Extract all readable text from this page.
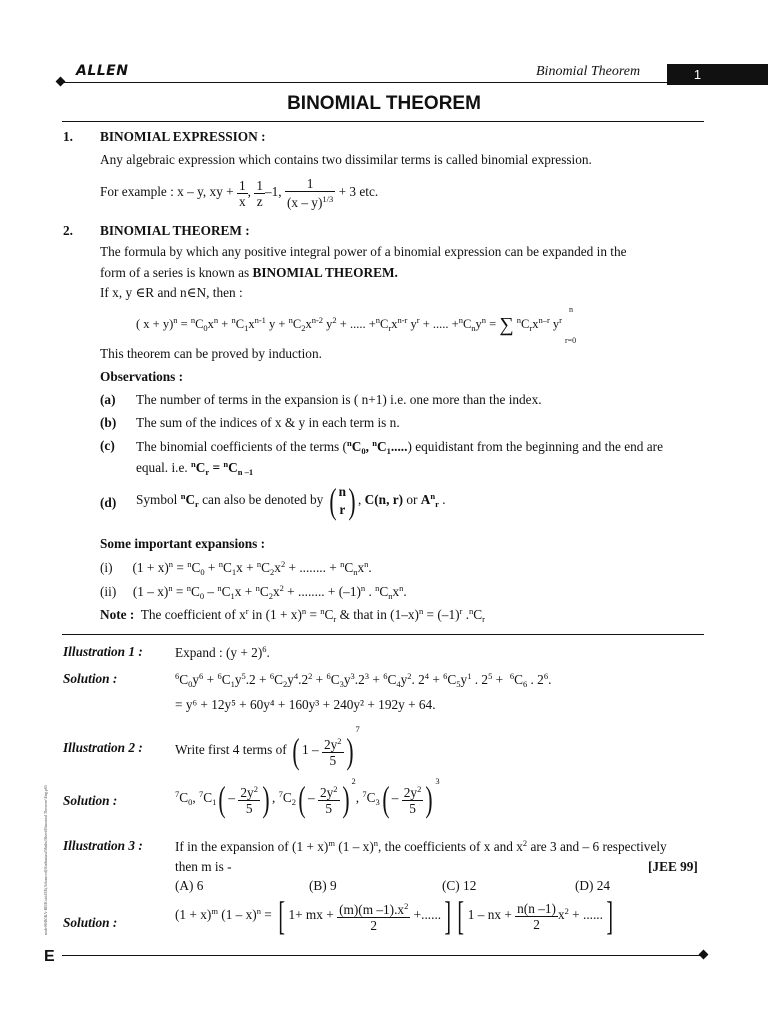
ALLEN	Binomial Theorem	1
BINOMIAL THEOREM
1. BINOMIAL EXPRESSION :
Any algebraic expression which contains two dissimilar terms is called binomial expression.
For example : x – y, xy + $\frac{1}{x}$ , $\frac{1}{z} -1$, $\frac{1}{(x - y)^{1/3}} + 3$ etc.
2. BINOMIAL THEOREM :
The formula by which any positive integral power of a binomial expression can be expanded in the
form of a series is known as BINOMIAL THEOREM.
If x, y ∈R and n∈N, then :
( $x + y)^n = ^nC_0x^n + ^nC_1x^{n-1}$ $y + ^nC_2x^{n-2}$ $y^2$ + ..... $+^nC_rx^{n-r}$ $y^r$ + ..... $+^nC_ny^n$ = ∑ $^nC_rx^{n-r}$ $y^r$
n
r=0
This theorem can be proved by induction.
Observations :
(a) The number of terms in the expansion is ( n+1) i.e. one more than the index.
(b) The sum of the indices of x & y in each term is n.
(c) The binomial coefficients of the terms ($^nC_0$, $^nC_1$.....) equidistant from the beginning and the end are
equal. i.e. $^nC_r = ^nC_{n -1}$
(d) Symbol $^nC_r$ can also be denoted by ( n
r ) , C(n, r) or $A^n_r$ .
Some important expansions :
(i)      $(1 + x)^n = ^nC_0 + ^nC_1x + ^nC_2x^2$ + ........ + $^nC_nx^n$.
(ii)     $(1 - x)^n = ^nC_0 - ^nC_1x + ^nC_2x^2$ + ........ + $(-1)^n$ . $^nC_nx^n$.
Note :  The coefficient of $x^r$ in $(1 + x)^n = ^nC_r$ & that in $(1-x)^n = (-1)^r$ $.^nC_r$
Illustration 1 : Expand : $(y + 2)^6$.
Solution :	$^6C_0y^6 + ^6C_1y^5.2 + ^6C_2y^4.2^2 + ^6C_3y^3.2^3 + ^6C_4y^2$. $2^4 + ^6C_5y^1$ . $2^5 + ^6C_6$ . $2^6$.
= y⁶ + 12y⁵ + 60y⁴ + 160y³ + 240y² + 192y + 64.
Illustration 2 : Write first 4 terms of ( $1 - \frac{2y^2}{5} )^7$
Solution :	$^7C_0$, $^7C_1( - \frac{2y^2}{5}$ ) , $^7C_2( - \frac{2y^2}{5}$ ) $^2$, $^7C_3( - \frac{2y^2}{5}$ ) $^3$
Illustration 3 : If in the expansion of $(1 + x)^m$ (1 – x)$^n$, the coefficients of x and $x^2$ are 3 and – 6 respectively
then m is -	[JEE 99]
(A) 6	(B) 9	(C) 12	(D) 24
Solution :
$(1 + x)^m$ (1 – x)$^n$ = [ 1+ mx + $\frac{(m)(m -1).x^2}{2}$ +......] [ 1 – nx + $\frac{n(n -1)}{2} x^2$ + ......]
node06\B0BA-BB\Kota\JEE(Advanced)\Enthusiast\Maths\Sheet\Binomial Theorem\Eng.p65
E
